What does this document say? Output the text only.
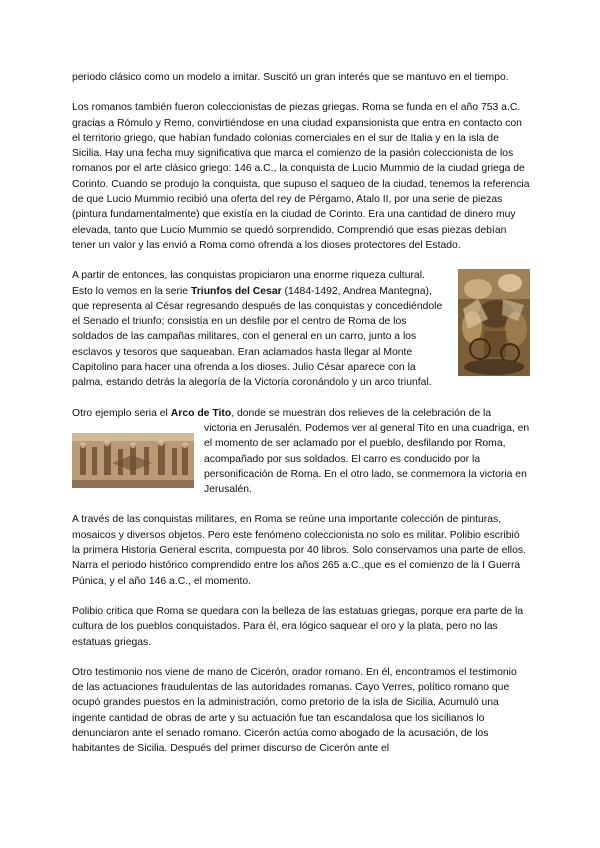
periodo clásico como un modelo a imitar. Suscitó un gran interés que se mantuvo en el tiempo.

Los romanos también fueron coleccionistas de piezas griegas. Roma se funda en el año 753 a.C. gracias a Rómulo y Remo, convirtiéndose en una ciudad expansionista que entra en contacto con el territorio griego, que habían fundado colonias comerciales en el sur de Italia y en la isla de Sicilia. Hay una fecha muy significativa que marca el comienzo de la pasión coleccionista de los romanos por el arte clásico griego: 146 a.C., la conquista de Lucio Mummio de la ciudad griega de Corinto. Cuando se produjo la conquista, que supuso el saqueo de la ciudad, tenemos la referencia de que Lucio Mummio recibió una oferta del rey de Pérgamo, Atalo II, por una serie de piezas (pintura fundamentalmente) que existía en la ciudad de Corinto. Era una cantidad de dinero muy elevada, tanto que Lucio Mummio se quedó sorprendido. Comprendió que esas piezas debían tener un valor y las envió a Roma como ofrenda a los dioses protectores del Estado.

A partir de entonces, las conquistas propiciaron una enorme riqueza cultural. Esto lo vemos en la serie Triunfos del Cesar (1484-1492, Andrea Mantegna), que representa al César regresando después de las conquistas y concediéndole el Senado el triunfo; consistía en un desfile por el centro de Roma de los soldados de las campañas militares, con el general en un carro, junto a los esclavos y tesoros que saqueaban. Eran aclamados hasta llegar al Monte Capitolino para hacer una ofrenda a los dioses. Julio César aparece con la palma, estando detrás la alegoría de la Victoria coronándolo y un arco triunfal.

Otro ejemplo seria el Arco de Tito, donde se muestran dos relieves de la celebración de la
victoria en Jerusalén. Podemos ver al general Tito en una cuadriga, en el momento de ser aclamado por el pueblo, desfilando por Roma, acompañado por sus soldados. El carro es conducido por la personificación de Roma. En el otro lado, se conmemora la victoria en Jerusalén.

A través de las conquistas militares, en Roma se reúne una importante colección de pinturas, mosaicos y diversos objetos. Pero este fenómeno coleccionista no solo es militar. Polibio escribió la primera Historia General escrita, compuesta por 40 libros. Solo conservamos una parte de ellos. Narra el periodo histórico comprendido entre los años 265 a.C.,que es el comienzo de la I Guerra Púnica, y el año 146 a.C., el momento.

Polibio critica que Roma se quedara con la belleza de las estatuas griegas, porque era parte de la cultura de los pueblos conquistados. Para él, era lógico saquear el oro y la plata, pero no las estatuas griegas.

Otro testimonio nos viene de mano de Cicerón, orador romano. En él, encontramos el testimonio de las actuaciones fraudulentas de las autoridades romanas. Cayo Verres, político romano que ocupó grandes puestos en la administración, como pretorio de la isla de Sicilia. Acumuló una ingente cantidad de obras de arte y su actuación fue tan escandalosa que los sicilianos lo denunciaron ante el senado romano. Cicerón actúa como abogado de la acusación, de los habitantes de Sicilia. Después del primer discurso de Cicerón ante el
